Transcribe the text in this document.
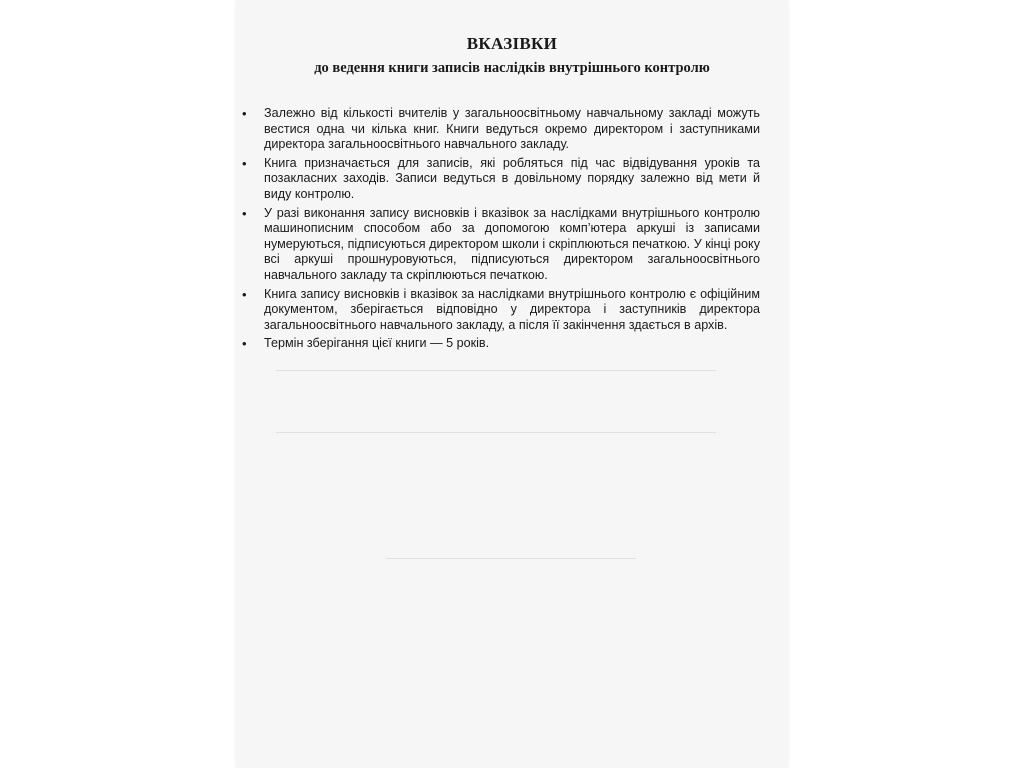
ВКАЗІВКИ
до ведення книги записів наслідків внутрішнього контролю
• Залежно від кількості вчителів у загальноосвітньому навчальному закладі можуть вестися одна чи кілька книг. Книги ведуться окремо директором і заступниками директора загальноосвітнього навчального закладу.
• Книга призначається для записів, які робляться під час відвідування уроків та позакласних заходів. Записи ведуться в довільному порядку залежно від мети й виду контролю.
• У разі виконання запису висновків і вказівок за наслідками внутрішнього контролю машинописним способом або за допомогою комп’ютера аркуші із записами нумеруються, підписуються директором школи і скріплюються печаткою. У кінці року всі аркуші прошнуровуються, підписуються директором загальноосвітнього навчального закладу та скріплюються печаткою.
• Книга запису висновків і вказівок за наслідками внутрішнього контролю є офіційним документом, зберігається відповідно у директора і заступників директора загальноосвітнього навчального закладу, а після її закінчення здається в архів.
• Термін зберігання цієї книги — 5 років.
